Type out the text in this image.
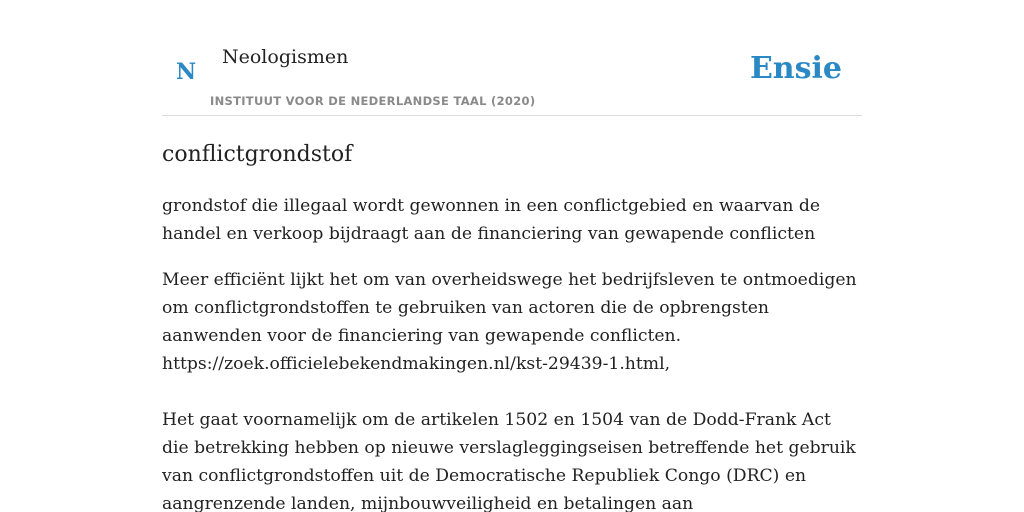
N
Neologismen
INSTITUUT VOOR DE NEDERLANDSE TAAL (2020)
Ensie
conflictgrondstof

grondstof die illegaal wordt gewonnen in een conflictgebied en waarvan de handel en verkoop bijdraagt aan de financiering van gewapende conflicten

Meer efficiënt lijkt het om van overheidswege het bedrijfsleven te ontmoedigen om conflictgrondstoffen te gebruiken van actoren die de opbrengsten aanwenden voor de financiering van gewapende conflicten.
https://zoek.officielebekendmakingen.nl/kst-29439-1.html,

Het gaat voornamelijk om de artikelen 1502 en 1504 van de Dodd-Frank Act die betrekking hebben op nieuwe verslagleggingseisen betreffende het gebruik van conflictgrondstoffen uit de Democratische Republiek Congo (DRC) en aangrenzende landen, mijnbouwveiligheid en betalingen aan
